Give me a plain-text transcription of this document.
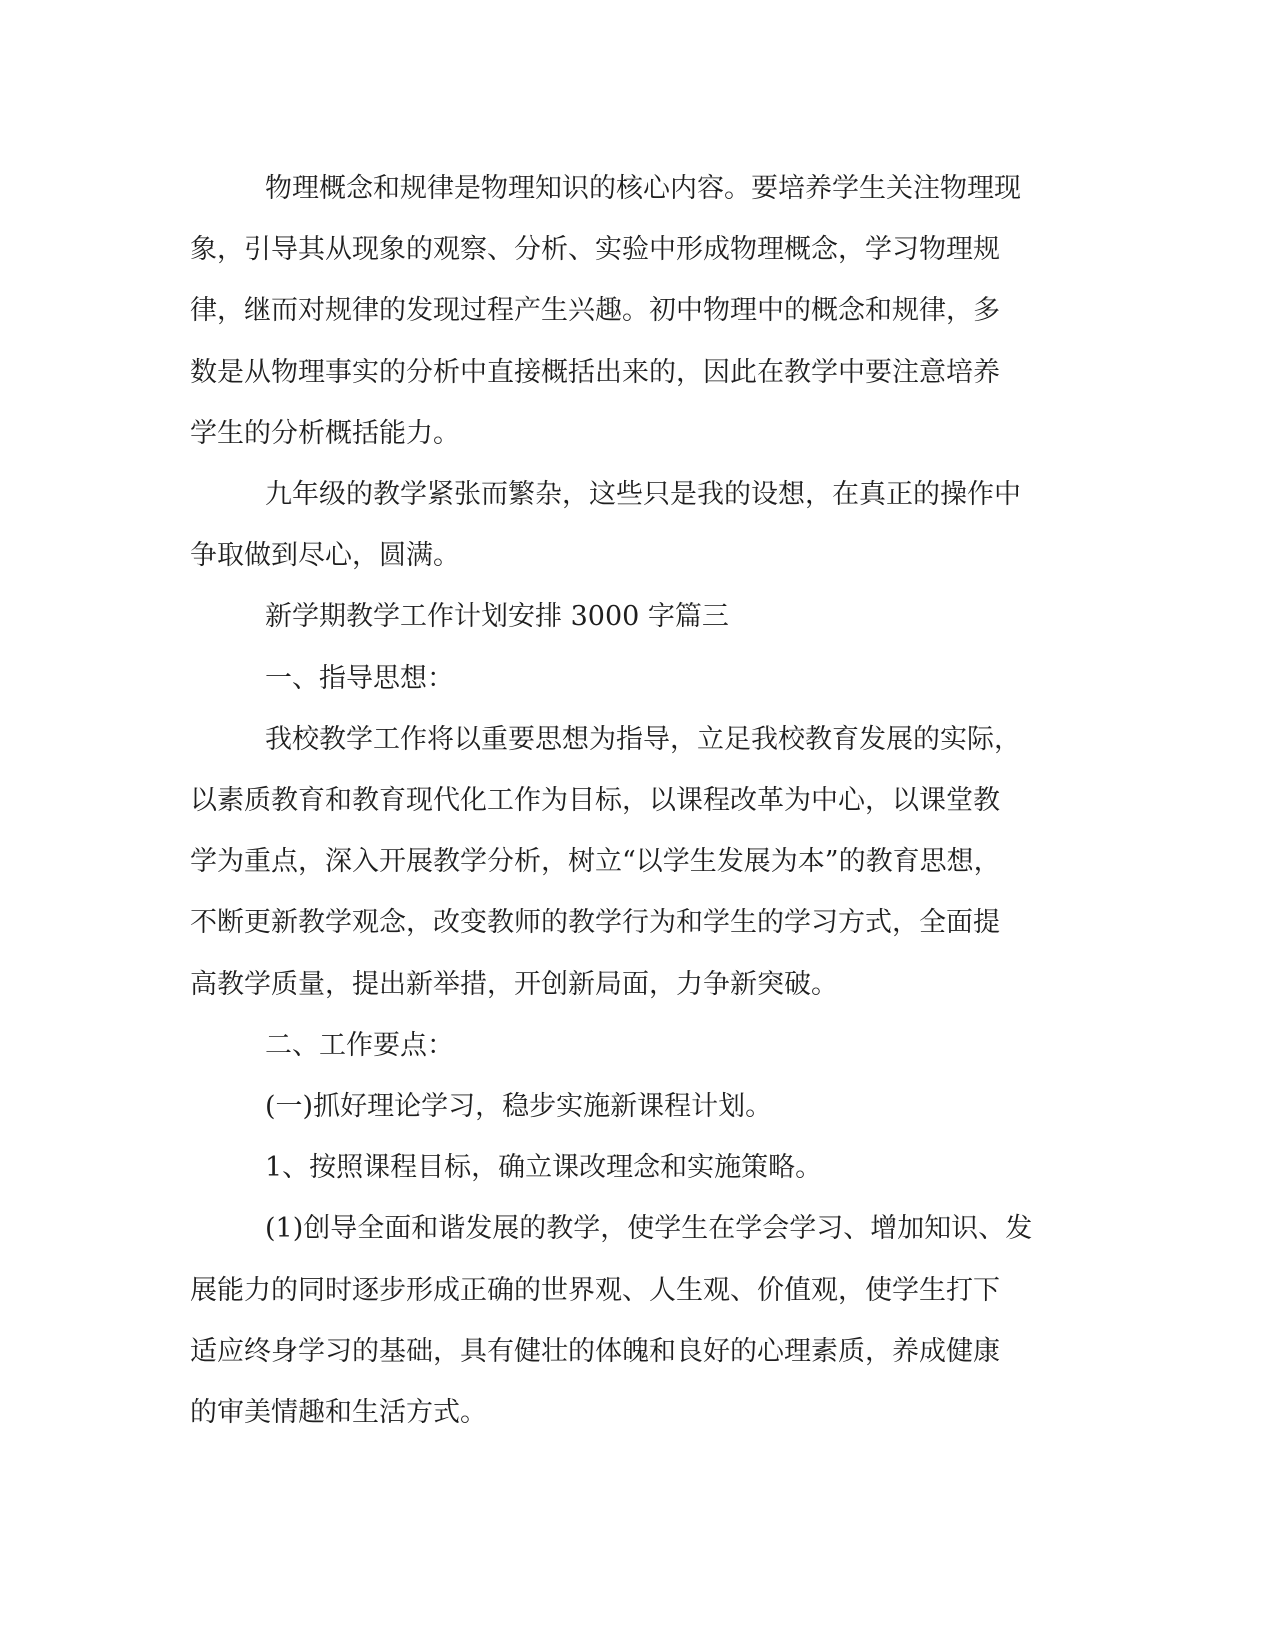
物理概念和规律是物理知识的核心内容。要培养学生关注物理现
象，引导其从现象的观察、分析、实验中形成物理概念，学习物理规
律，继而对规律的发现过程产生兴趣。初中物理中的概念和规律，多
数是从物理事实的分析中直接概括出来的，因此在教学中要注意培养
学生的分析概括能力。
九年级的教学紧张而繁杂，这些只是我的设想，在真正的操作中
争取做到尽心，圆满。
新学期教学工作计划安排 3000 字篇三
一、指导思想：
我校教学工作将以重要思想为指导，立足我校教育发展的实际，
以素质教育和教育现代化工作为目标，以课程改革为中心，以课堂教
学为重点，深入开展教学分析，树立“以学生发展为本”的教育思想，
不断更新教学观念，改变教师的教学行为和学生的学习方式，全面提
高教学质量，提出新举措，开创新局面，力争新突破。
二、工作要点：
(一)抓好理论学习，稳步实施新课程计划。
1、按照课程目标，确立课改理念和实施策略。
(1)创导全面和谐发展的教学，使学生在学会学习、增加知识、发
展能力的同时逐步形成正确的世界观、人生观、价值观，使学生打下
适应终身学习的基础，具有健壮的体魄和良好的心理素质，养成健康
的审美情趣和生活方式。
